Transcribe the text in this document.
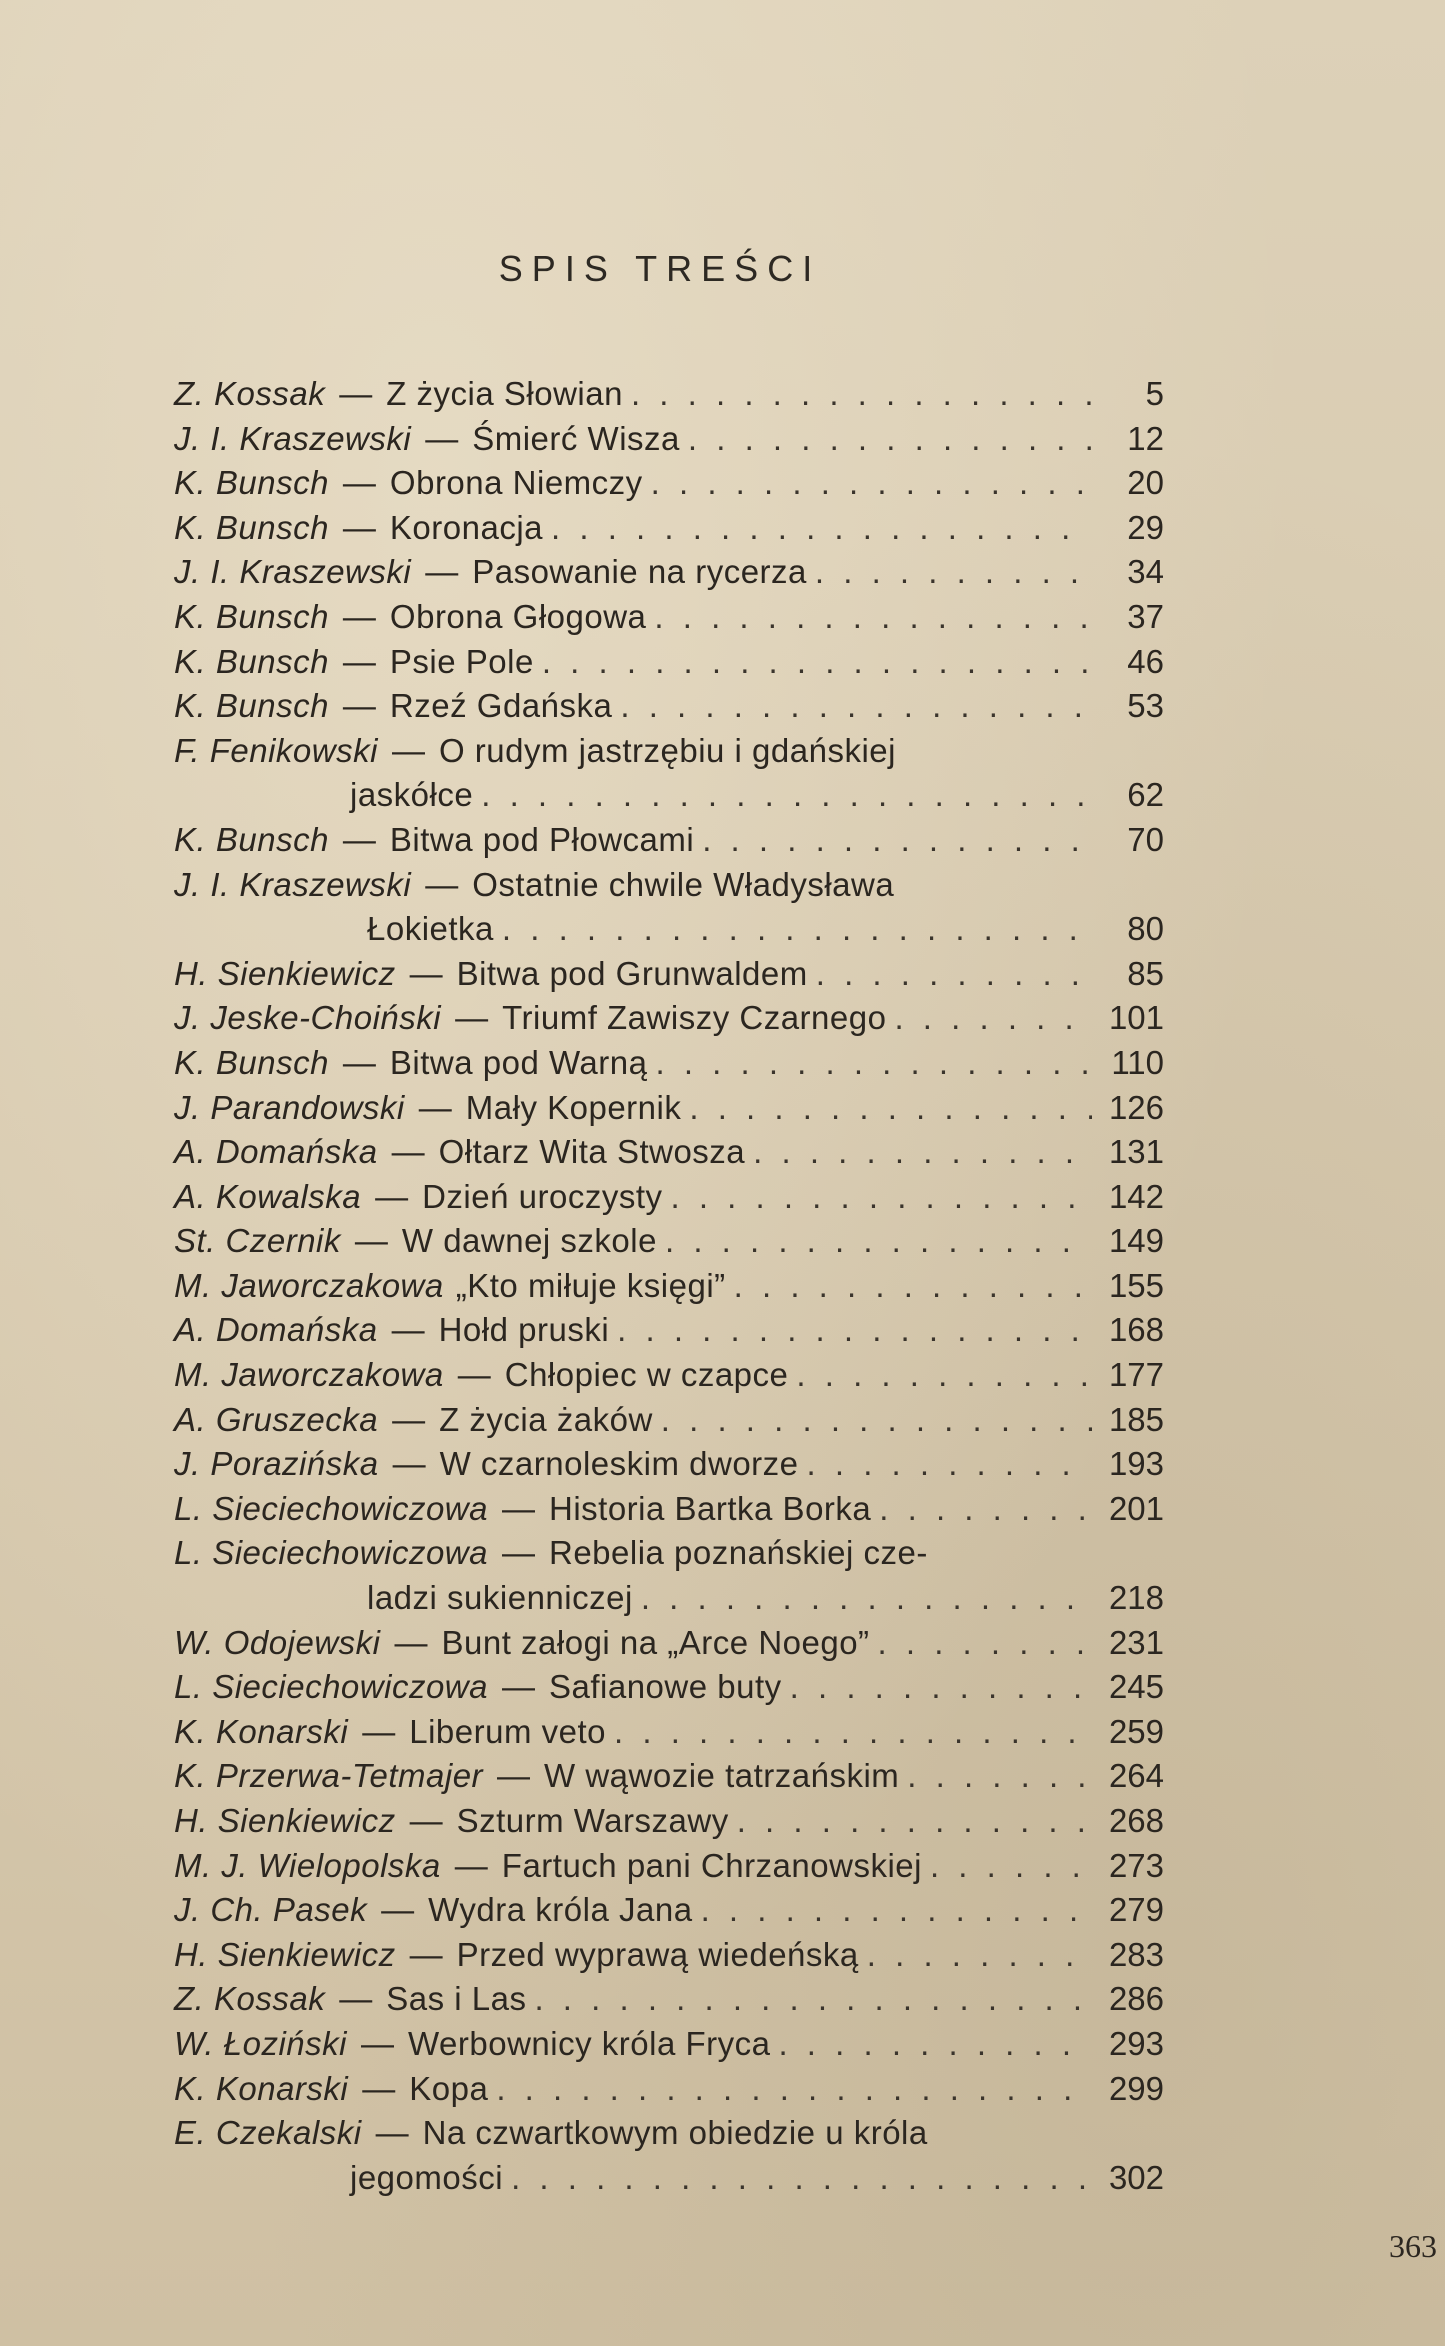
SPIS TREŚCI
Z. Kossak — Z życia Słowian . . .	5
J. I. Kraszewski — Śmierć Wisza . . .	12
K. Bunsch — Obrona Niemczy . . .	20
K. Bunsch — Koronacja . . .	29
J. I. Kraszewski — Pasowanie na rycerza . . .	34
K. Bunsch — Obrona Głogowa . . .	37
K. Bunsch — Psie Pole . . .	46
K. Bunsch — Rzeź Gdańska . . .	53
F. Fenikowski — O rudym jastrzębiu i gdańskiej
jaskółce . . .	62
K. Bunsch — Bitwa pod Płowcami . . .	70
J. I. Kraszewski — Ostatnie chwile Władysława
Łokietka . . .	80
H. Sienkiewicz — Bitwa pod Grunwaldem . . .	85
J. Jeske-Choiński — Triumf Zawiszy Czarnego . . .	101
K. Bunsch — Bitwa pod Warną . . .	110
J. Parandowski — Mały Kopernik . . .	126
A. Domańska — Ołtarz Wita Stwosza . . .	131
A. Kowalska — Dzień uroczysty . . .	142
St. Czernik — W dawnej szkole . . .	149
M. Jaworczakowa „Kto miłuje księgi” . . .	155
A. Domańska — Hołd pruski . . .	168
M. Jaworczakowa — Chłopiec w czapce . . .	177
A. Gruszecka — Z życia żaków . . .	185
J. Porazińska — W czarnoleskim dworze . . .	193
L. Sieciechowiczowa — Historia Bartka Borka . . .	201
L. Sieciechowiczowa — Rebelia poznańskiej cze-
ladzi sukienniczej . . .	218
W. Odojewski — Bunt załogi na „Arce Noego” . . .	231
L. Sieciechowiczowa — Safianowe buty . . .	245
K. Konarski — Liberum veto . . .	259
K. Przerwa-Tetmajer — W wąwozie tatrzańskim . . .	264
H. Sienkiewicz — Szturm Warszawy . . .	268
M. J. Wielopolska — Fartuch pani Chrzanowskiej . . .	273
J. Ch. Pasek — Wydra króla Jana . . .	279
H. Sienkiewicz — Przed wyprawą wiedeńską . . .	283
Z. Kossak — Sas i Las . . .	286
W. Łoziński — Werbownicy króla Fryca . . .	293
K. Konarski — Kopa . . .	299
E. Czekalski — Na czwartkowym obiedzie u króla
jegomości . . .	302
363
